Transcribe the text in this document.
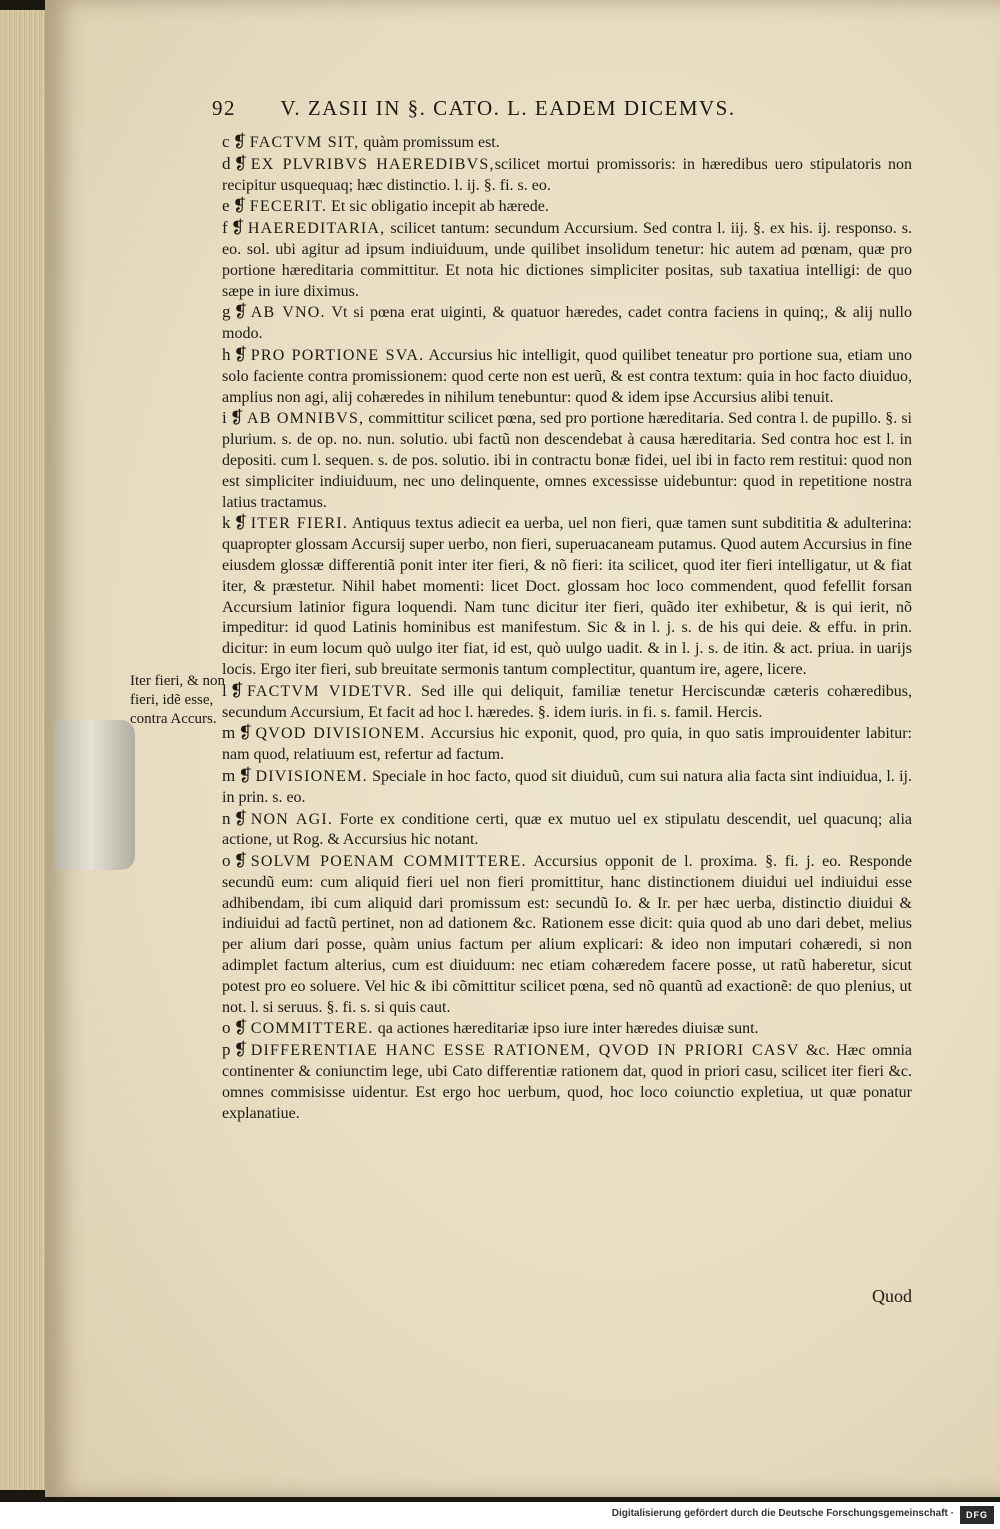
92 V. ZASII IN §. CATO. L. EADEM DICEMVS.

c ❡ FACTVM SIT, quàm promissum est.

d ❡ EX PLVRIBVS HAEREDIBVS,scilicet mortui promissoris: in hæredibus uero stipulatoris non recipitur usquequaq; hæc distinctio. l. ij. §. fi. s. eo.

e ❡ FECERIT. Et sic obligatio incepit ab hærede.

f ❡ HAEREDITARIA, scilicet tantum: secundum Accursium. Sed contra l. iij. §. ex his. ij. responso. s. eo. sol. ubi agitur ad ipsum indiuiduum, unde quilibet insolidum tenetur: hic autem ad pœnam, quæ pro portione hæreditaria committitur. Et nota hic dictiones simpliciter positas, sub taxatiua intelligi: de quo sæpe in iure diximus.

g ❡ AB VNO. Vt si pœna erat uiginti, & quatuor hæredes, cadet contra faciens in quinq;, & alij nullo modo.

h ❡ PRO PORTIONE SVA. Accursius hic intelligit, quod quilibet teneatur pro portione sua, etiam uno solo faciente contra promissionem: quod certe non est uerũ, & est contra textum: quia in hoc facto diuiduo, amplius non agi, alij cohæredes in nihilum tenebuntur: quod & idem ipse Accursius alibi tenuit.

i ❡ AB OMNIBVS, committitur scilicet pœna, sed pro portione hæreditaria. Sed contra l. de pupillo. §. si plurium. s. de op. no. nun. solutio. ubi factũ non descendebat à causa hæreditaria. Sed contra hoc est l. in depositi. cum l. sequen. s. de pos. solutio. ibi in contractu bonæ fidei, uel ibi in facto rem restitui: quod non est simpliciter indiuiduum, nec uno delinquente, omnes excessisse uidebuntur: quod in repetitione nostra latius tractamus.

k ❡ ITER FIERI. Antiquus textus adiecit ea uerba, uel non fieri, quæ tamen sunt subdititia & adulterina: quapropter glossam Accursij super uerbo, non fieri, superuacaneam putamus. Quod autem Accursius in fine eiusdem glossæ differentiã ponit inter iter fieri, & nõ fieri: ita scilicet, quod iter fieri intelligatur, ut & fiat iter, & præstetur. Nihil habet momenti: licet Doct. glossam hoc loco commendent, quod fefellit forsan Accursium latinior figura loquendi. Nam tunc dicitur iter fieri, quãdo iter exhibetur, & is qui ierit, nõ impeditur: id quod Latinis hominibus est manifestum. Sic & in l. j. s. de his qui deie. & effu. in prin. dicitur: in eum locum quò uulgo iter fiat, id est, quò uulgo uadit. & in l. j. s. de itin. & act. priua. in uarijs locis. Ergo iter fieri, sub breuitate sermonis tantum complectitur, quantum ire, agere, licere.

l ❡ FACTVM VIDETVR. Sed ille qui deliquit, familiæ tenetur Herciscundæ cæteris cohæredibus, secundum Accursium, Et facit ad hoc l. hæredes. §. idem iuris. in fi. s. famil. Hercis.

m ❡ QVOD DIVISIONEM. Accursius hic exponit, quod, pro quia, in quo satis improuidenter labitur: nam quod, relatiuum est, refertur ad factum.

m ❡ DIVISIONEM. Speciale in hoc facto, quod sit diuiduũ, cum sui natura alia facta sint indiuidua, l. ij. in prin. s. eo.

n ❡ NON AGI. Forte ex conditione certi, quæ ex mutuo uel ex stipulatu descendit, uel quacunq; alia actione, ut Rog. & Accursius hic notant.

o ❡ SOLVM POENAM COMMITTERE. Accursius opponit de l. proxima. §. fi. j. eo. Responde secundũ eum: cum aliquid fieri uel non fieri promittitur, hanc distinctionem diuidui uel indiuidui esse adhibendam, ibi cum aliquid dari promissum est: secundũ Io. & Ir. per hæc uerba, distinctio diuidui & indiuidui ad factũ pertinet, non ad dationem &c. Rationem esse dicit: quia quod ab uno dari debet, melius per alium dari posse, quàm unius factum per alium explicari: & ideo non imputari cohæredi, si non adimplet factum alterius, cum est diuiduum: nec etiam cohæredem facere posse, ut ratũ haberetur, sicut potest pro eo soluere. Vel hic & ibi cõmittitur scilicet pœna, sed nõ quantũ ad exactionẽ: de quo plenius, ut not. l. si seruus. §. fi. s. si quis caut.

o ❡ COMMITTERE. qa actiones hæreditariæ ipso iure inter hæredes diuisæ sunt.

p ❡ DIFFERENTIAE HANC ESSE RATIONEM, QVOD IN PRIORI CASV &c. Hæc omnia continenter & coniunctim lege, ubi Cato differentiæ rationem dat, quod in priori casu, scilicet iter fieri &c. omnes commisisse uidentur. Est ergo hoc uerbum, quod, hoc loco coiunctio expletiua, ut quæ ponatur explanatiue.

Iter fieri, & non fieri, idẽ esse, contra Accurs.
Quod
Digitalisierung gefördert durch die Deutsche Forschungsgemeinschaft ·	DFG
